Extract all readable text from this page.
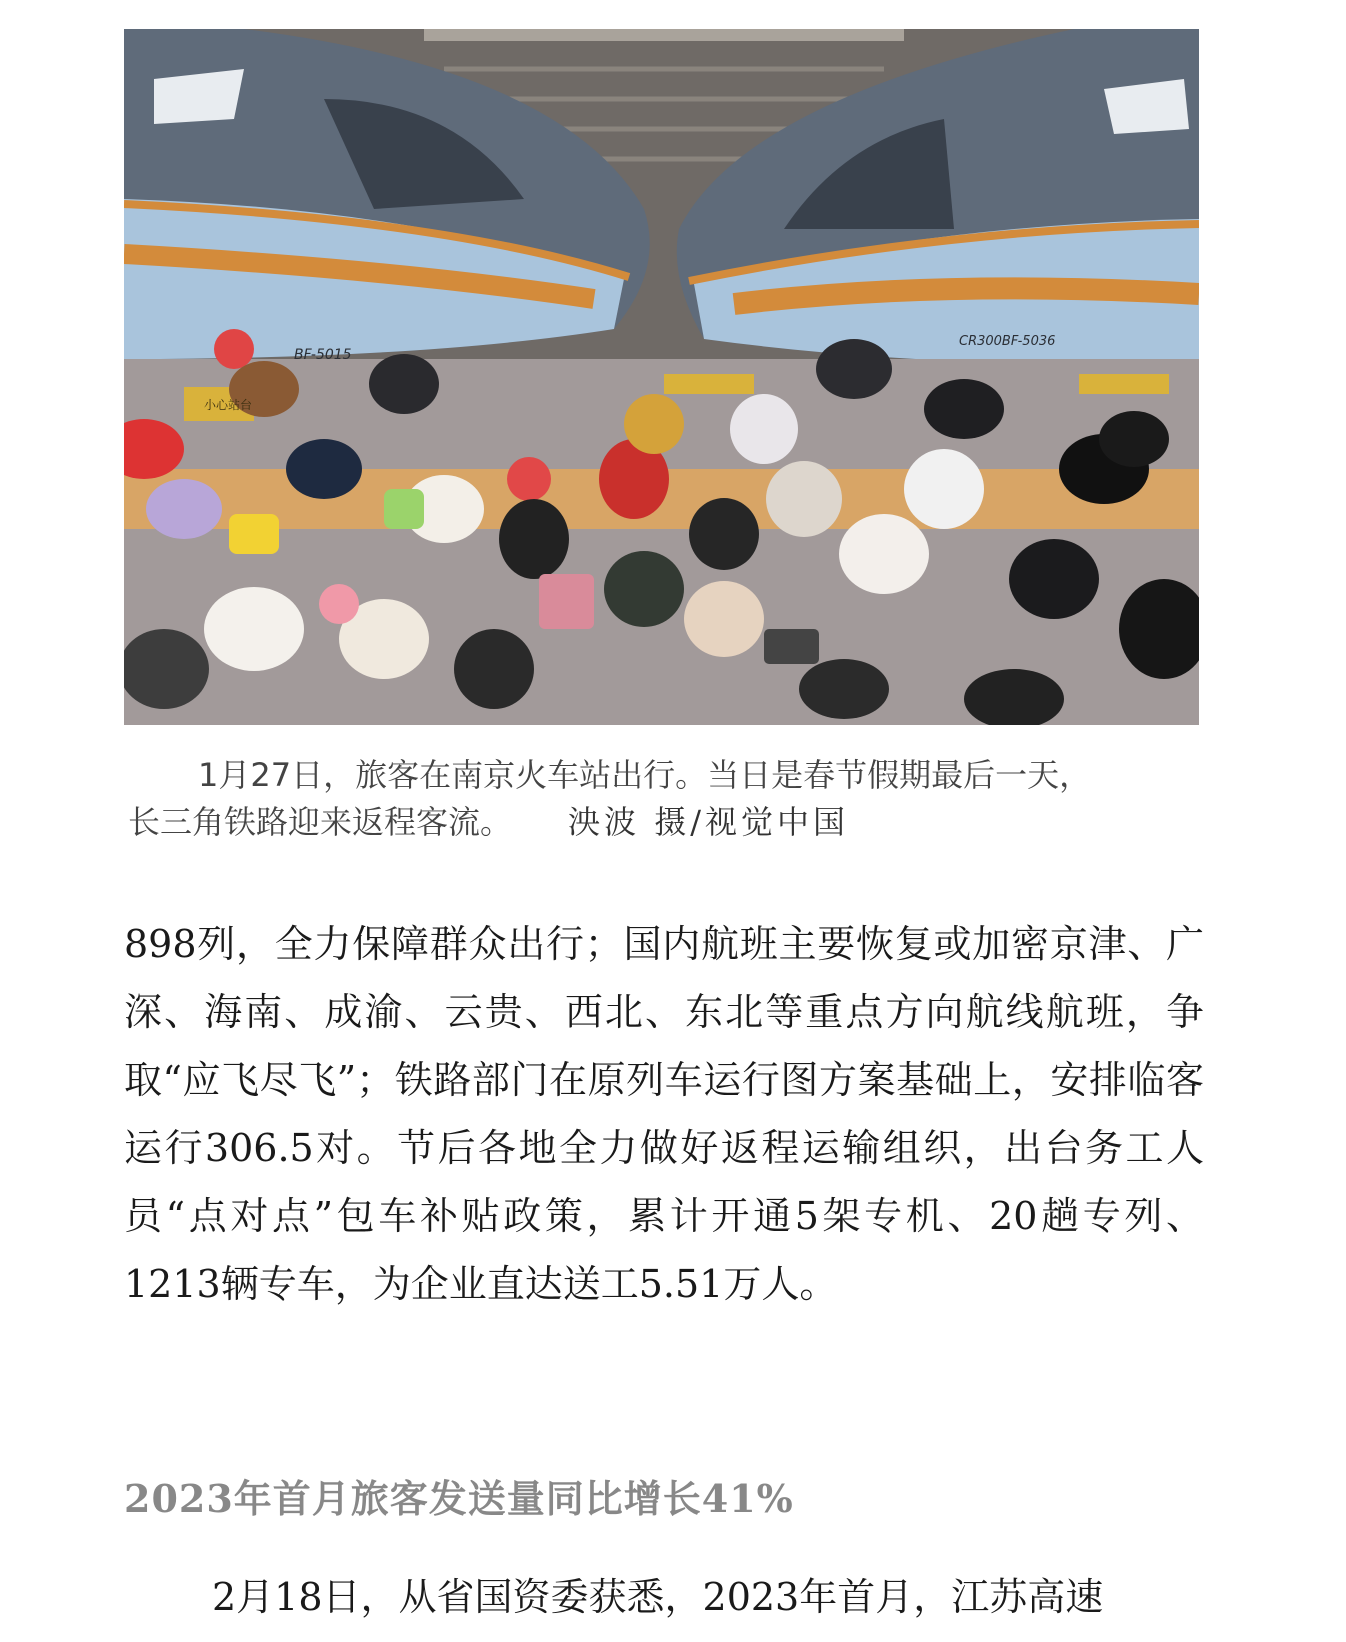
BF-5015
CR300BF-5036
小心站台
1月27日，旅客在南京火车站出行。当日是春节假期最后一天，
长三角铁路迎来返程客流。 泱波 摄/视觉中国

898列，全力保障群众出行；国内航班主要恢复或加密京津、广深、海南、成渝、云贵、西北、东北等重点方向航线航班，争取“应飞尽飞”；铁路部门在原列车运行图方案基础上，安排临客运行306.5对。节后各地全力做好返程运输组织，出台务工人员“点对点”包车补贴政策，累计开通5架专机、20趟专列、1213辆专车，为企业直达送工5.51万人。

2023年首月旅客发送量同比增长41%

2月18日，从省国资委获悉，2023年首月，江苏高速
